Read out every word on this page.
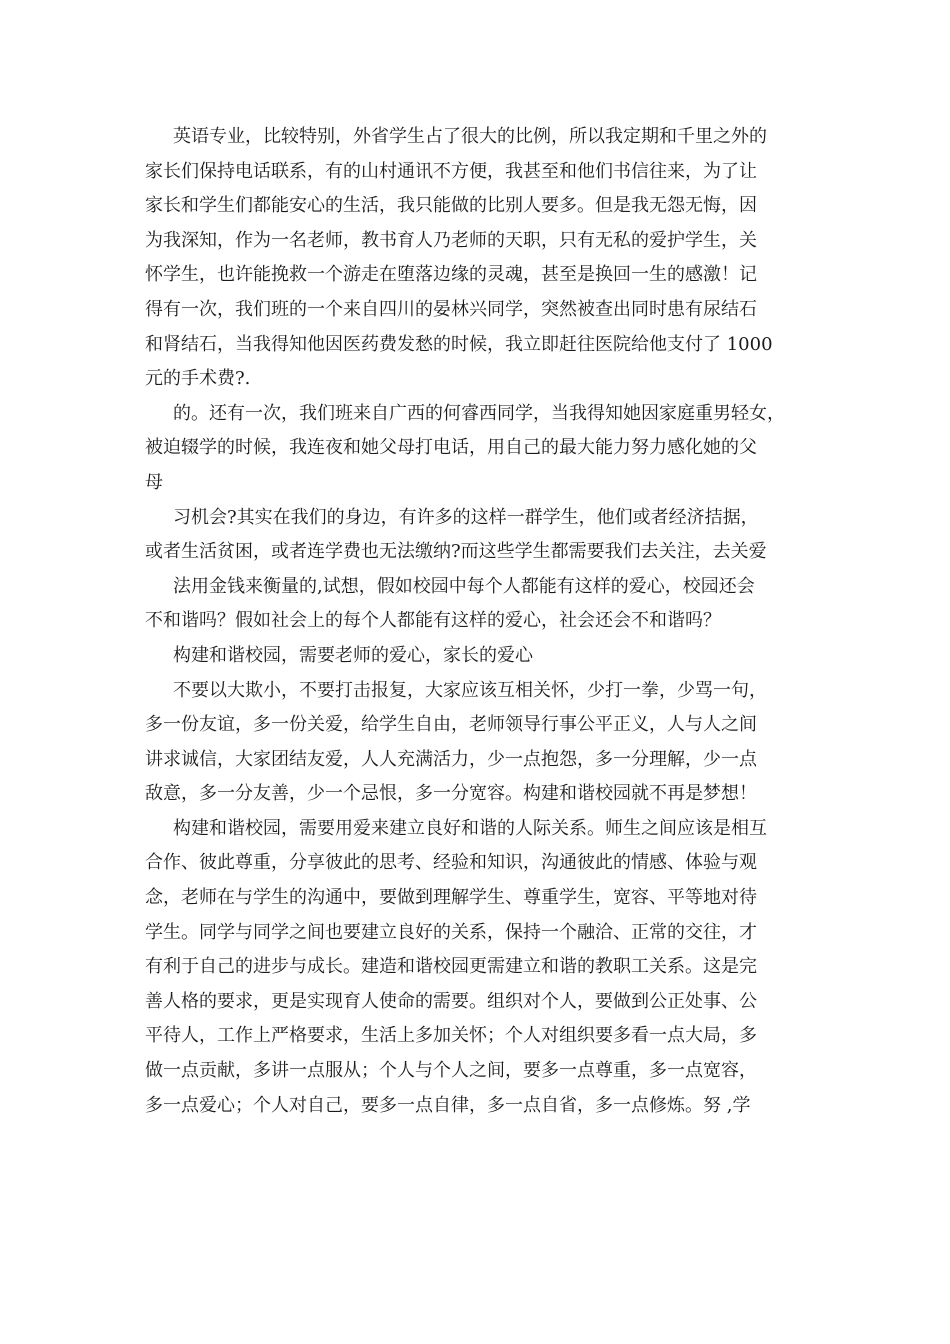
英语专业，比较特别，外省学生占了很大的比例，所以我定期和千里之外的
家长们保持电话联系，有的山村通讯不方便，我甚至和他们书信往来，为了让
家长和学生们都能安心的生活，我只能做的比别人要多。但是我无怨无悔，因
为我深知，作为一名老师，教书育人乃老师的天职，只有无私的爱护学生，关
怀学生，也许能挽救一个游走在堕落边缘的灵魂，甚至是换回一生的感激！记
得有一次，我们班的一个来自四川的晏林兴同学，突然被查出同时患有尿结石
和肾结石，当我得知他因医药费发愁的时候，我立即赶往医院给他支付了 1000
元的手术费?.
的。还有一次，我们班来自广西的何睿西同学，当我得知她因家庭重男轻女，
被迫辍学的时候，我连夜和她父母打电话，用自己的最大能力努力感化她的父
母
习机会?其实在我们的身边，有许多的这样一群学生，他们或者经济拮据，
或者生活贫困，或者连学费也无法缴纳?而这些学生都需要我们去关注，去关爱
法用金钱来衡量的,试想，假如校园中每个人都能有这样的爱心，校园还会
不和谐吗？假如社会上的每个人都能有这样的爱心，社会还会不和谐吗？
构建和谐校园，需要老师的爱心，家长的爱心
不要以大欺小，不要打击报复，大家应该互相关怀，少打一拳，少骂一句，
多一份友谊，多一份关爱，给学生自由，老师领导行事公平正义，人与人之间
讲求诚信，大家团结友爱，人人充满活力，少一点抱怨，多一分理解，少一点
敌意，多一分友善，少一个忌恨，多一分宽容。构建和谐校园就不再是梦想！
构建和谐校园，需要用爱来建立良好和谐的人际关系。师生之间应该是相互
合作、彼此尊重，分享彼此的思考、经验和知识，沟通彼此的情感、体验与观
念，老师在与学生的沟通中，要做到理解学生、尊重学生，宽容、平等地对待
学生。同学与同学之间也要建立良好的关系，保持一个融洽、正常的交往，才
有利于自己的进步与成长。建造和谐校园更需建立和谐的教职工关系。这是完
善人格的要求，更是实现育人使命的需要。组织对个人，要做到公正处事、公
平待人，工作上严格要求，生活上多加关怀；个人对组织要多看一点大局，多
做一点贡献，多讲一点服从；个人与个人之间，要多一点尊重，多一点宽容，
多一点爱心；个人对自己，要多一点自律，多一点自省，多一点修炼。努 ,学
